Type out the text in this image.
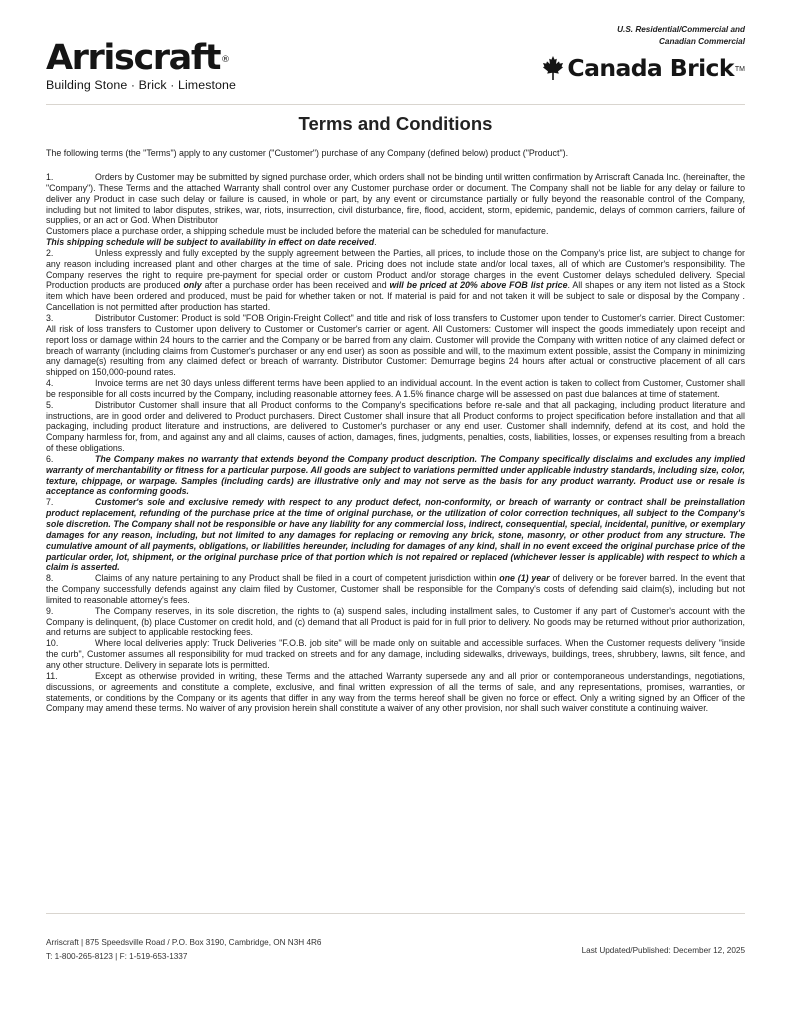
Arriscraft®
Building Stone · Brick · Limestone
U.S. Residential/Commercial and
Canadian Commercial
Canada Brick TM
Terms and Conditions
The following terms (the "Terms") apply to any customer ("Customer") purchase of any Company (defined below) product ("Product").

1.	Orders by Customer may be submitted by signed purchase order, which orders shall not be binding until written confirmation by Arriscraft Canada Inc. (hereinafter, the "Company"). These Terms and the attached Warranty shall control over any Customer purchase order or document. The Company shall not be liable for any delay or failure to deliver any Product in case such delay or failure is caused, in whole or part, by any event or circumstance partially or fully beyond the reasonable control of the Company, including but not limited to labor disputes, strikes, war, riots, insurrection, civil disturbance, fire, flood, accident, storm, epidemic, pandemic, delays of common carriers, failure of supplies, or an act or God. When Distributor

Customers place a purchase order, a shipping schedule must be included before the material can be scheduled for manufacture.

This shipping schedule will be subject to availability in effect on date received.

2.	Unless expressly and fully excepted by the supply agreement between the Parties, all prices, to include those on the Company's price list, are subject to change for any reason including increased plant and other charges at the time of sale. Pricing does not include state and/or local taxes, all of which are Customer's responsibility. The Company reserves the right to require pre-payment for special order or custom Product and/or storage charges in the event Customer delays scheduled delivery. Special Production products are produced only after a purchase order has been received and will be priced at 20% above FOB list price. All shapes or any item not listed as a Stock item which have been ordered and produced, must be paid for whether taken or not. If material is paid for and not taken it will be subject to sale or disposal by the Company . Cancellation is not permitted after production has started.

3.	Distributor Customer: Product is sold "FOB Origin-Freight Collect" and title and risk of loss transfers to Customer upon tender to Customer's carrier. Direct Customer: All risk of loss transfers to Customer upon delivery to Customer or Customer's carrier or agent. All Customers: Customer will inspect the goods immediately upon receipt and report loss or damage within 24 hours to the carrier and the Company or be barred from any claim. Customer will provide the Company with written notice of any claimed defect or breach of warranty (including claims from Customer's purchaser or any end user) as soon as possible and will, to the maximum extent possible, assist the Company in minimizing any damage(s) resulting from any claimed defect or breach of warranty. Distributor Customer: Demurrage begins 24 hours after actual or constructive placement of all cars shipped on 150,000-pound rates.

4.	Invoice terms are net 30 days unless different terms have been applied to an individual account. In the event action is taken to collect from Customer, Customer shall be responsible for all costs incurred by the Company, including reasonable attorney fees. A 1.5% finance charge will be assessed on past due balances at time of statement.

5.	Distributor Customer shall insure that all Product conforms to the Company's specifications before re-sale and that all packaging, including product literature and instructions, are in good order and delivered to Product purchasers. Direct Customer shall insure that all Product conforms to project specification before installation and that all packaging, including product literature and instructions, are delivered to Customer's purchaser or any end user. Customer shall indemnify, defend at its cost, and hold the Company harmless for, from, and against any and all claims, causes of action, damages, fines, judgments, penalties, costs, liabilities, losses, or expenses resulting from a breach of these obligations.

6.	The Company makes no warranty that extends beyond the Company product description. The Company specifically disclaims and excludes any implied warranty of merchantability or fitness for a particular purpose. All goods are subject to variations permitted under applicable industry standards, including size, color, texture, chippage, or warpage. Samples (including cards) are illustrative only and may not serve as the basis for any product warranty. Product use or resale is acceptance as conforming goods.

7.	Customer's sole and exclusive remedy with respect to any product defect, non-conformity, or breach of warranty or contract shall be preinstallation product replacement, refunding of the purchase price at the time of original purchase, or the utilization of color correction techniques, all subject to the Company's sole discretion. The Company shall not be responsible or have any liability for any commercial loss, indirect, consequential, special, incidental, punitive, or exemplary damages for any reason, including, but not limited to any damages for replacing or removing any brick, stone, masonry, or other product from any structure. The cumulative amount of all payments, obligations, or liabilities hereunder, including for damages of any kind, shall in no event exceed the original purchase price of the particular order, lot, shipment, or the original purchase price of that portion which is not repaired or replaced (whichever lesser is applicable) with respect to which a claim is asserted.

8.	Claims of any nature pertaining to any Product shall be filed in a court of competent jurisdiction within one (1) year of delivery or be forever barred. In the event that the Company successfully defends against any claim filed by Customer, Customer shall be responsible for the Company's costs of defending said claim(s), including but not limited to reasonable attorney's fees.

9.	The Company reserves, in its sole discretion, the rights to (a) suspend sales, including installment sales, to Customer if any part of Customer's account with the Company is delinquent, (b) place Customer on credit hold, and (c) demand that all Product is paid for in full prior to delivery. No goods may be returned without prior authorization, and returns are subject to applicable restocking fees.

10.	Where local deliveries apply: Truck Deliveries "F.O.B. job site" will be made only on suitable and accessible surfaces. When the Customer requests delivery "inside the curb", Customer assumes all responsibility for mud tracked on streets and for any damage, including sidewalks, driveways, buildings, trees, shrubbery, lawns, silt fence, and any other structure. Delivery in separate lots is permitted.

11.	Except as otherwise provided in writing, these Terms and the attached Warranty supersede any and all prior or contemporaneous understandings, negotiations, discussions, or agreements and constitute a complete, exclusive, and final written expression of all the terms of sale, and any representations, promises, warranties, or statements, or conditions by the Company or its agents that differ in any way from the terms hereof shall be given no force or effect. Only a writing signed by an Officer of the Company may amend these terms. No waiver of any provision herein shall constitute a waiver of any other provision, nor shall such waiver constitute a continuing waiver.

Arriscraft | 875 Speedsville Road / P.O. Box 3190, Cambridge, ON N3H 4R6
T: 1-800-265-8123 | F: 1-519-653-1337
Last Updated/Published: December 12, 2025
